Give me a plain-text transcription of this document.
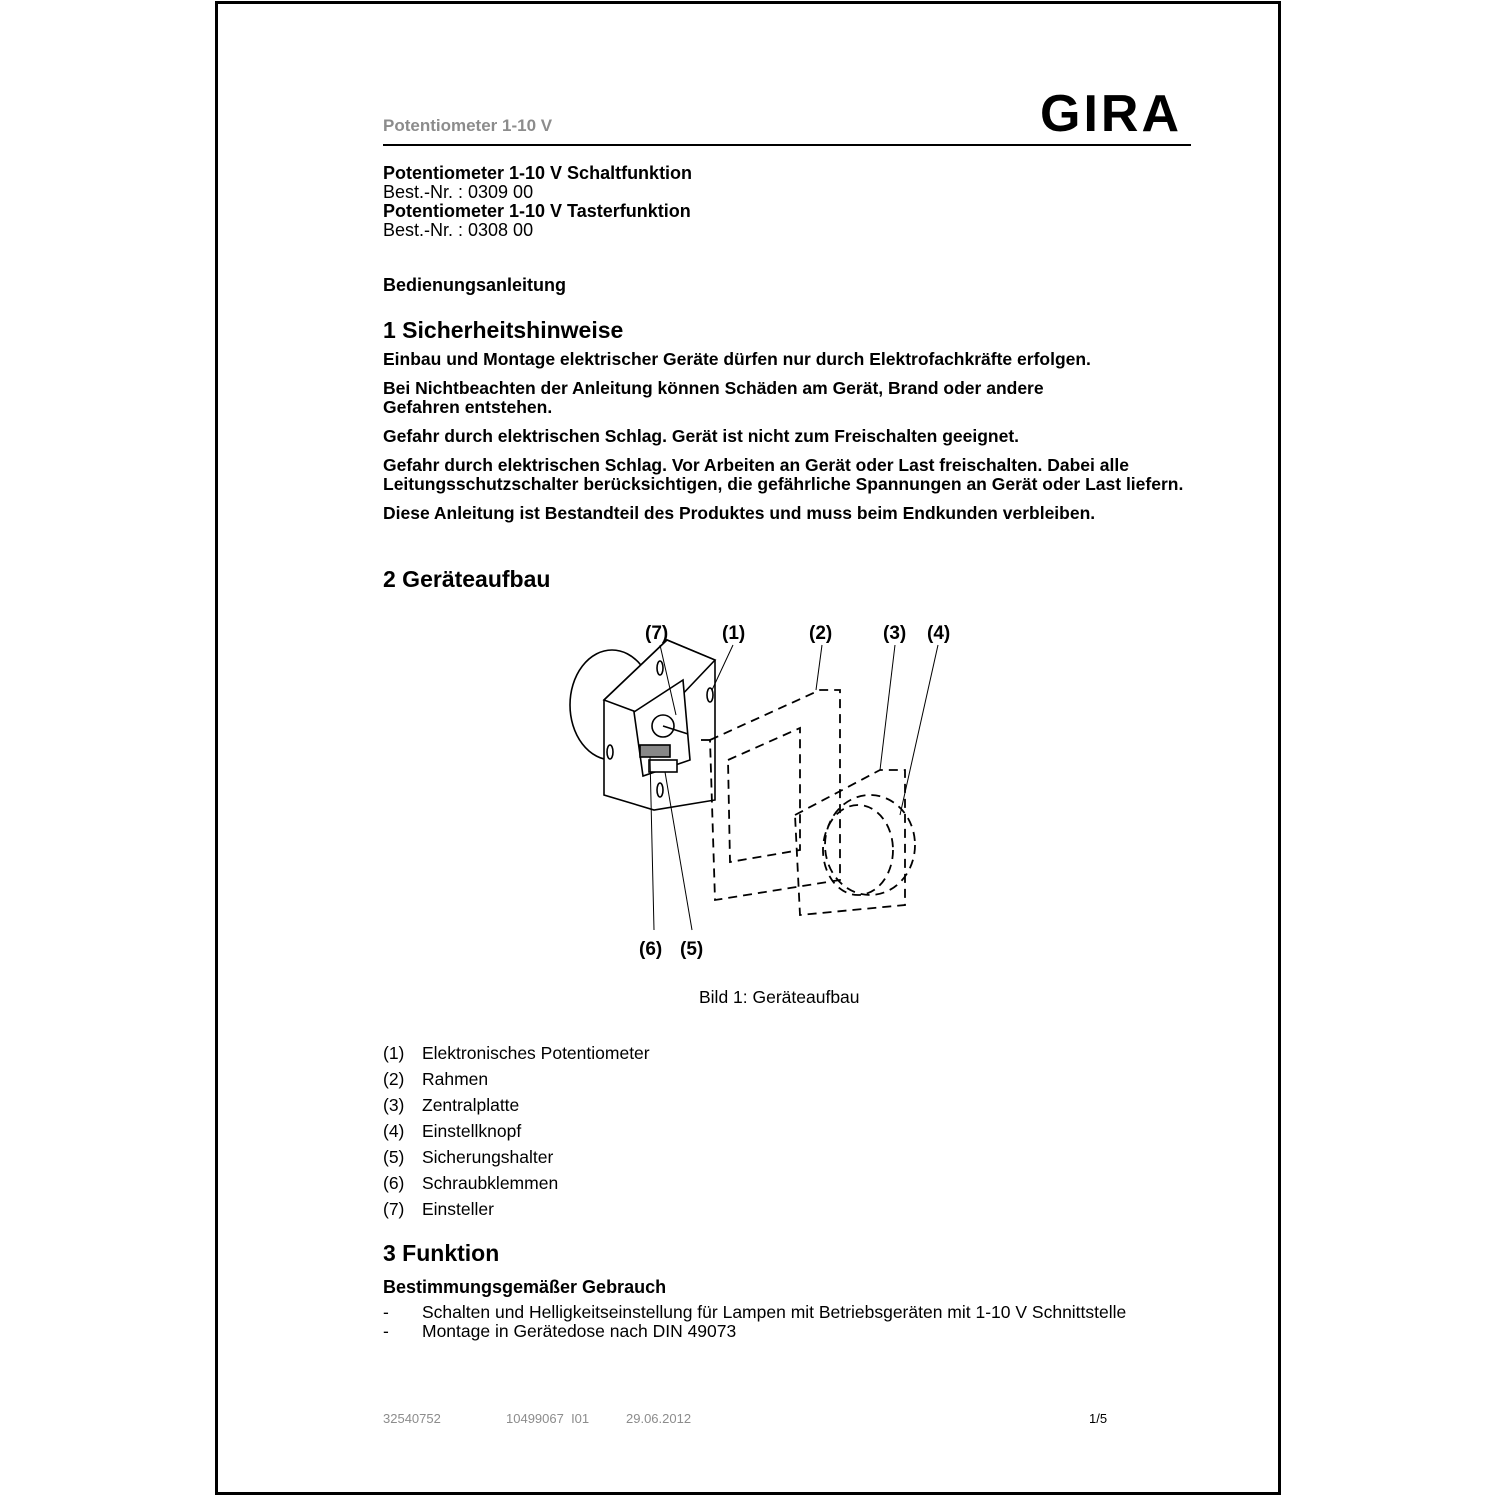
Potentiometer 1-10 V	GIRA
Potentiometer 1-10 V Schaltfunktion
Best.-Nr. : 0309 00
Potentiometer 1-10 V Tasterfunktion
Best.-Nr. : 0308 00
Bedienungsanleitung
1 Sicherheitshinweise

Einbau und Montage elektrischer Geräte dürfen nur durch Elektrofachkräfte erfolgen.

Bei Nichtbeachten der Anleitung können Schäden am Gerät, Brand oder andere Gefahren entstehen.

Gefahr durch elektrischen Schlag. Gerät ist nicht zum Freischalten geeignet.

Gefahr durch elektrischen Schlag. Vor Arbeiten an Gerät oder Last freischalten. Dabei alle Leitungsschutzschalter berücksichtigen, die gefährliche Spannungen an Gerät oder Last liefern.

Diese Anleitung ist Bestandteil des Produktes und muss beim Endkunden verbleiben.

2 Geräteaufbau
(7)	(1)	(2)	(3) (4)
(6) (5)
Bild 1: Geräteaufbau
(1)	Elektronisches Potentiometer
(2)	Rahmen
(3)	Zentralplatte
(4)	Einstellknopf
(5)	Sicherungshalter
(6)	Schraubklemmen
(7)	Einsteller
3 Funktion
Bestimmungsgemäßer Gebrauch
-	Schalten und Helligkeitseinstellung für Lampen mit Betriebsgeräten mit 1-10 V Schnittstelle
-	Montage in Gerätedose nach DIN 49073
32540752	10499067  I01	29.06.2012	1/5
